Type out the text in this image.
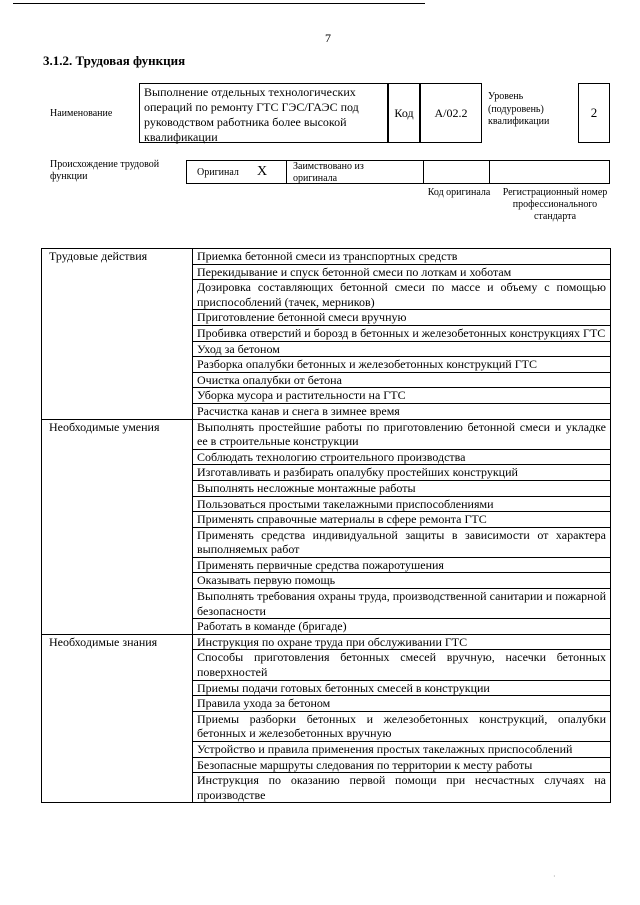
7
3.1.2. Трудовая функция
Наименование
Выполнение отдельных технологических операций по ремонту ГТС ГЭС/ГАЭС под руководством работника более высокой квалификации
Код	A/02.2
Уровень (подуровень) квалификации
2
Происхождение трудовой функции	Оригинал X	Заимствовано из оригинала
Код оригинала Регистрационный номер профессионального стандарта
Трудовые действия	Приемка бетонной смеси из транспортных средств
	Перекидывание и спуск бетонной смеси по лоткам и хоботам
	Дозировка составляющих бетонной смеси по массе и объему с помощью приспособлений (тачек, мерников)
	Приготовление бетонной смеси вручную
	Пробивка отверстий и борозд в бетонных и железобетонных конструкциях ГТС
	Уход за бетоном
	Разборка опалубки бетонных и железобетонных конструкций ГТС
	Очистка опалубки от бетона
	Уборка мусора и растительности на ГТС
	Расчистка канав и снега в зимнее время
Необходимые умения	Выполнять простейшие работы по приготовлению бетонной смеси и укладке ее в строительные конструкции
	Соблюдать технологию строительного производства
	Изготавливать и разбирать опалубку простейших конструкций
	Выполнять несложные монтажные работы
	Пользоваться простыми такелажными приспособлениями
	Применять справочные материалы в сфере ремонта ГТС
	Применять средства индивидуальной защиты в зависимости от характера выполняемых работ
	Применять первичные средства пожаротушения
	Оказывать первую помощь
	Выполнять требования охраны труда, производственной санитарии и пожарной безопасности
	Работать в команде (бригаде)
Необходимые знания	Инструкция по охране труда при обслуживании ГТС
	Способы приготовления бетонных смесей вручную, насечки бетонных поверхностей
	Приемы подачи готовых бетонных смесей в конструкции
	Правила ухода за бетоном
	Приемы разборки бетонных и железобетонных конструкций, опалубки бетонных и железобетонных вручную
	Устройство и правила применения простых такелажных приспособлений
	Безопасные маршруты следования по территории к месту работы
	Инструкция по оказанию первой помощи при несчастных случаях на производстве
·
